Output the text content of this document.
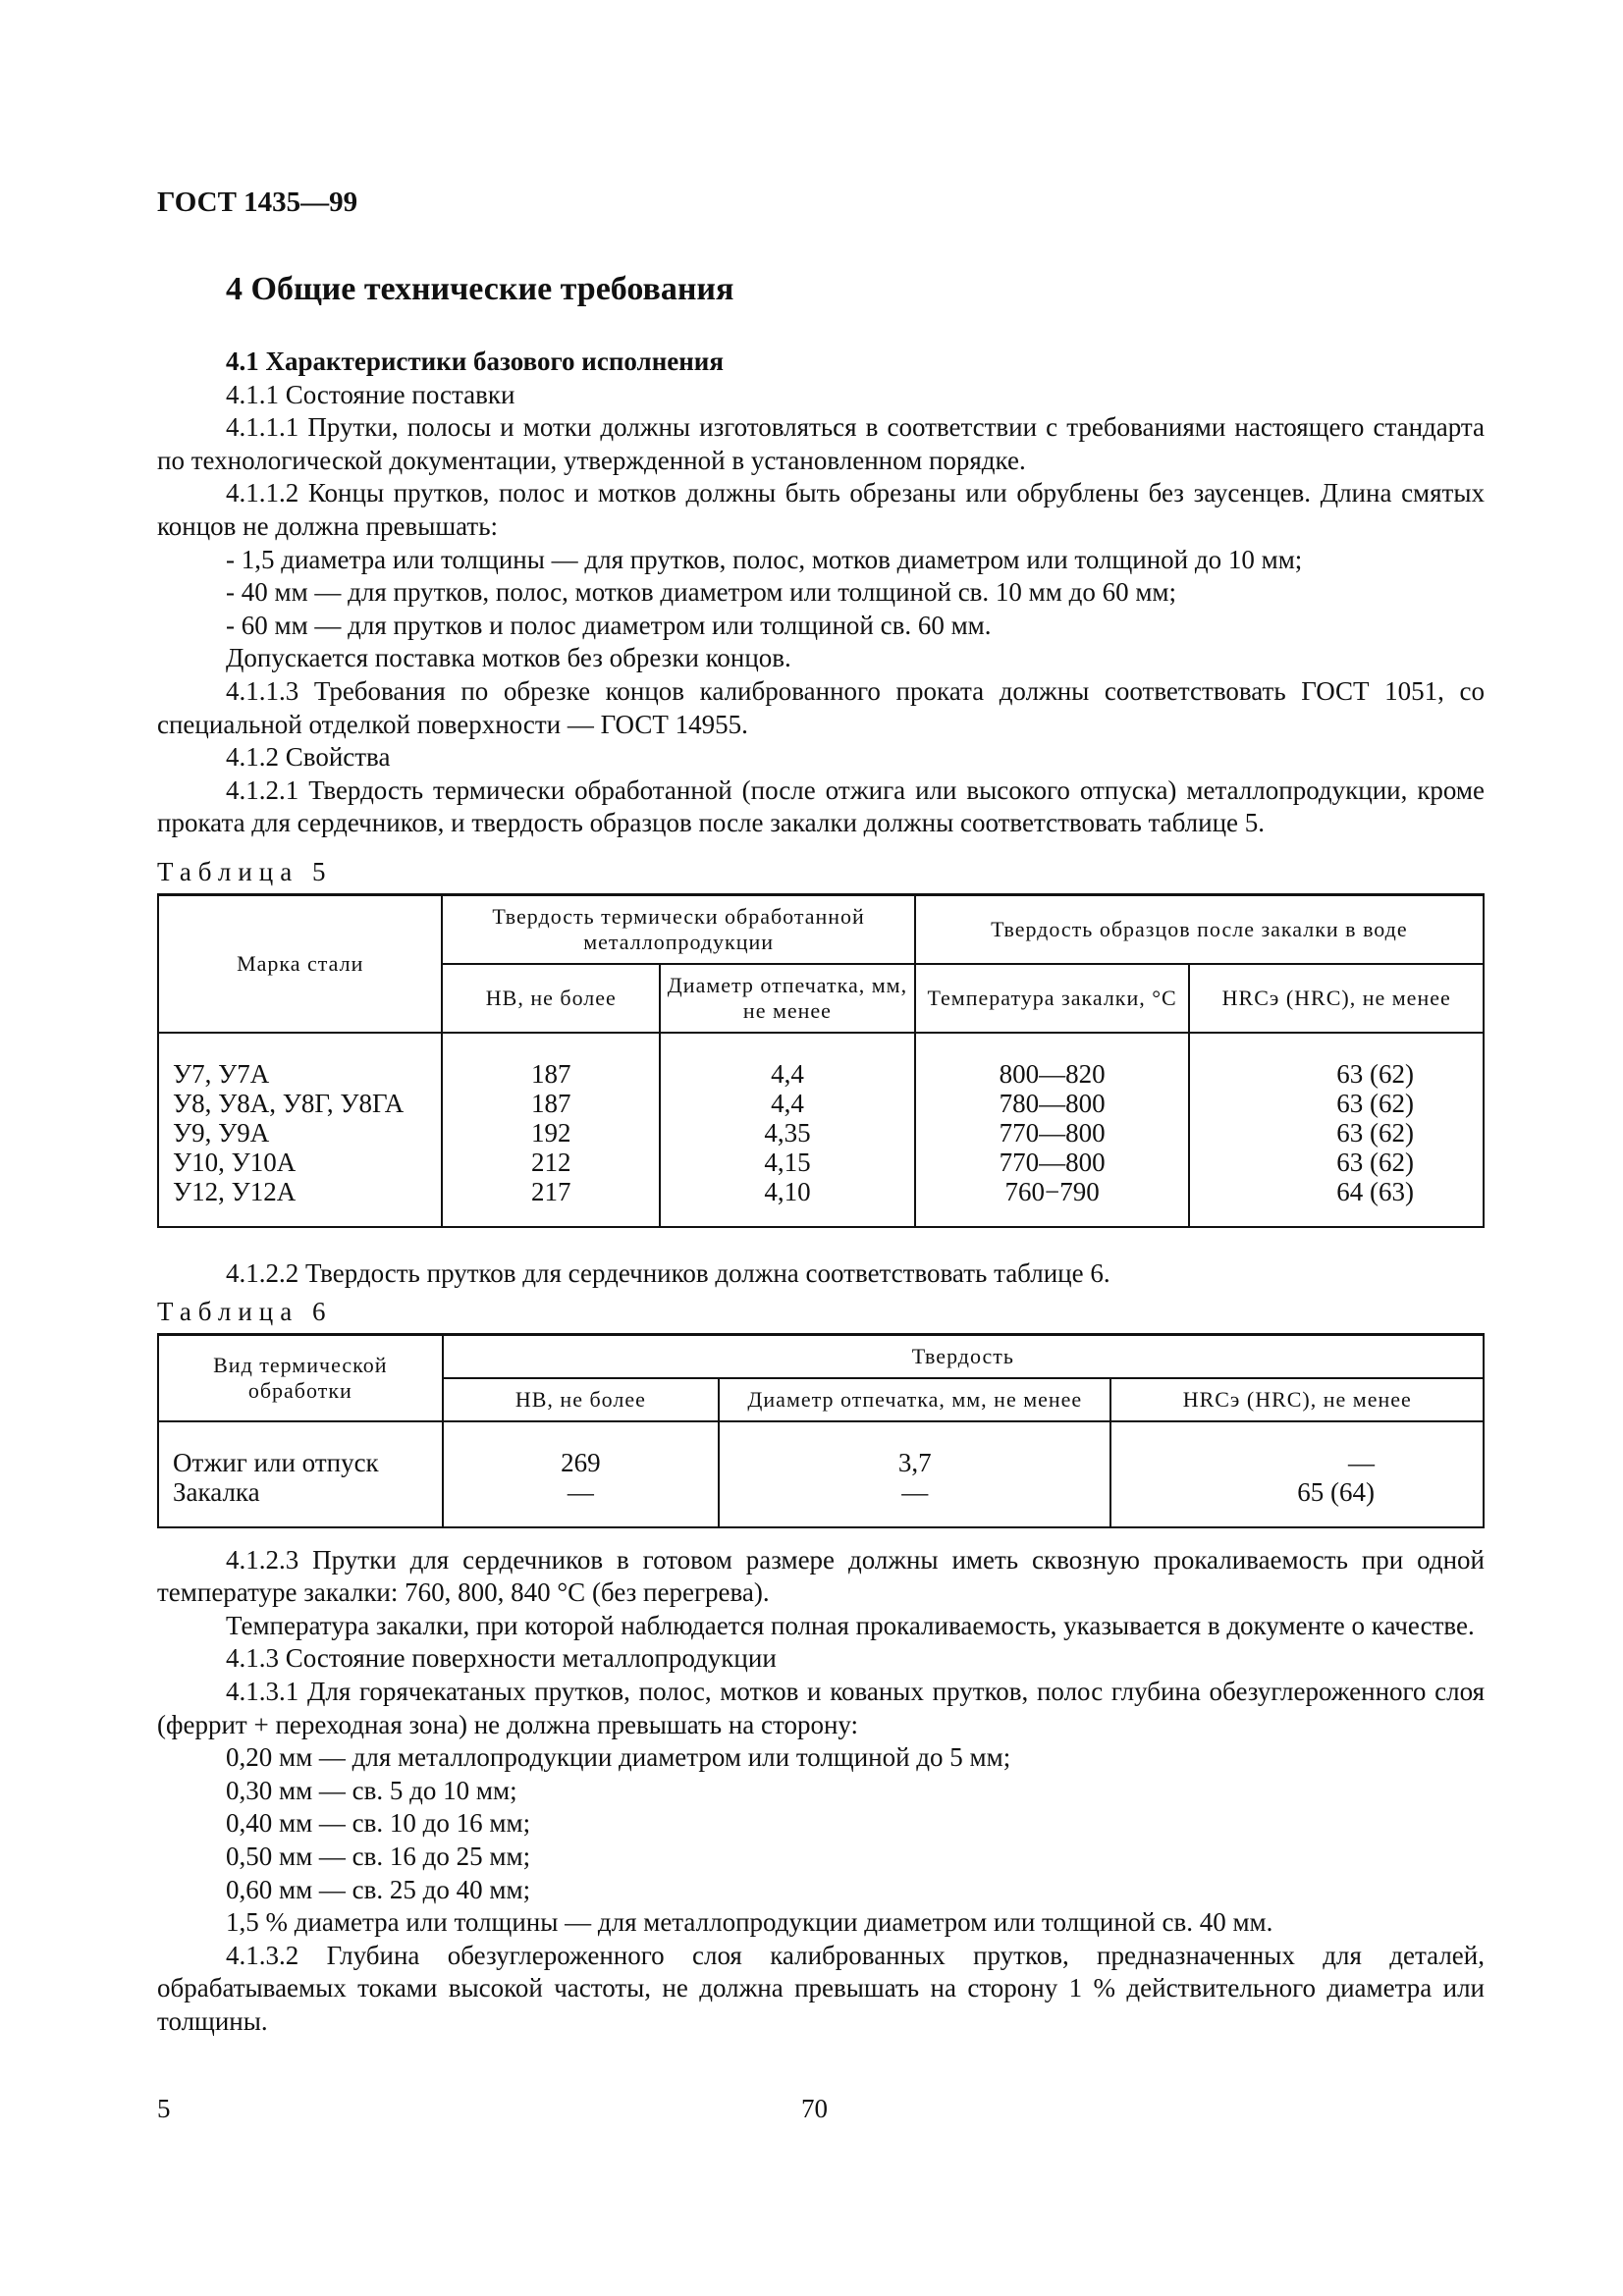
ГОСТ 1435—99

4 Общие технические требования

4.1 Характеристики базового исполнения

4.1.1 Состояние поставки

4.1.1.1 Прутки, полосы и мотки должны изготовляться в соответствии с требованиями настоящего стандарта по технологической документации, утвержденной в установленном порядке.

4.1.1.2 Концы прутков, полос и мотков должны быть обрезаны или обрублены без заусенцев. Длина смятых концов не должна превышать:

- 1,5 диаметра или толщины — для прутков, полос, мотков диаметром или толщиной до 10 мм;

- 40 мм — для прутков, полос, мотков диаметром или толщиной св. 10 мм до 60 мм;

- 60 мм — для прутков и полос диаметром или толщиной св. 60 мм.

Допускается поставка мотков без обрезки концов.

4.1.1.3 Требования по обрезке концов калиброванного проката должны соответствовать ГОСТ 1051, со специальной отделкой поверхности — ГОСТ 14955.

4.1.2 Свойства

4.1.2.1 Твердость термически обработанной (после отжига или высокого отпуска) металлопродукции, кроме проката для сердечников, и твердость образцов после закалки должны соответствовать таблице 5.

Таблица 5

Марка стали	Твердость термически обработанной металлопродукции		Твердость образцов после закалки в воде	
	НВ, не более	Диаметр отпечатка, мм, не менее	Температура закалки, °С	HRCэ (HRC), не менее
У7, У7А	187	4,4	800—820	63 (62)
У8, У8А, У8Г, У8ГА	187	4,4	780—800	63 (62)
У9, У9А	192	4,35	770—800	63 (62)
У10, У10А	212	4,15	770—800	63 (62)
У12, У12А	217	4,10	760−790	64 (63)

4.1.2.2 Твердость прутков для сердечников должна соответствовать таблице 6.

Таблица 6

Вид термической обработки	Твердость		
	НВ, не более	Диаметр отпечатка, мм, не менее	HRCэ (HRC), не менее
Отжиг или отпуск	269	3,7	—
Закалка	—	—	65 (64)

4.1.2.3 Прутки для сердечников в готовом размере должны иметь сквозную прокаливаемость при одной температуре закалки: 760, 800, 840 °С (без перегрева).

Температура закалки, при которой наблюдается полная прокаливаемость, указывается в документе о качестве.

4.1.3 Состояние поверхности металлопродукции

4.1.3.1 Для горячекатаных прутков, полос, мотков и кованых прутков, полос глубина обезуглероженного слоя (феррит + переходная зона) не должна превышать на сторону:

0,20 мм — для металлопродукции диаметром или толщиной до 5 мм;

0,30 мм — св. 5 до 10 мм;

0,40 мм — св. 10 до 16 мм;

0,50 мм — св. 16 до 25 мм;

0,60 мм — св. 25 до 40 мм;

1,5 % диаметра или толщины — для металлопродукции диаметром или толщиной св. 40 мм.

4.1.3.2 Глубина обезуглероженного слоя калиброванных прутков, предназначенных для деталей, обрабатываемых токами высокой частоты, не должна превышать на сторону 1 % действительного диаметра или толщины.

5	70
